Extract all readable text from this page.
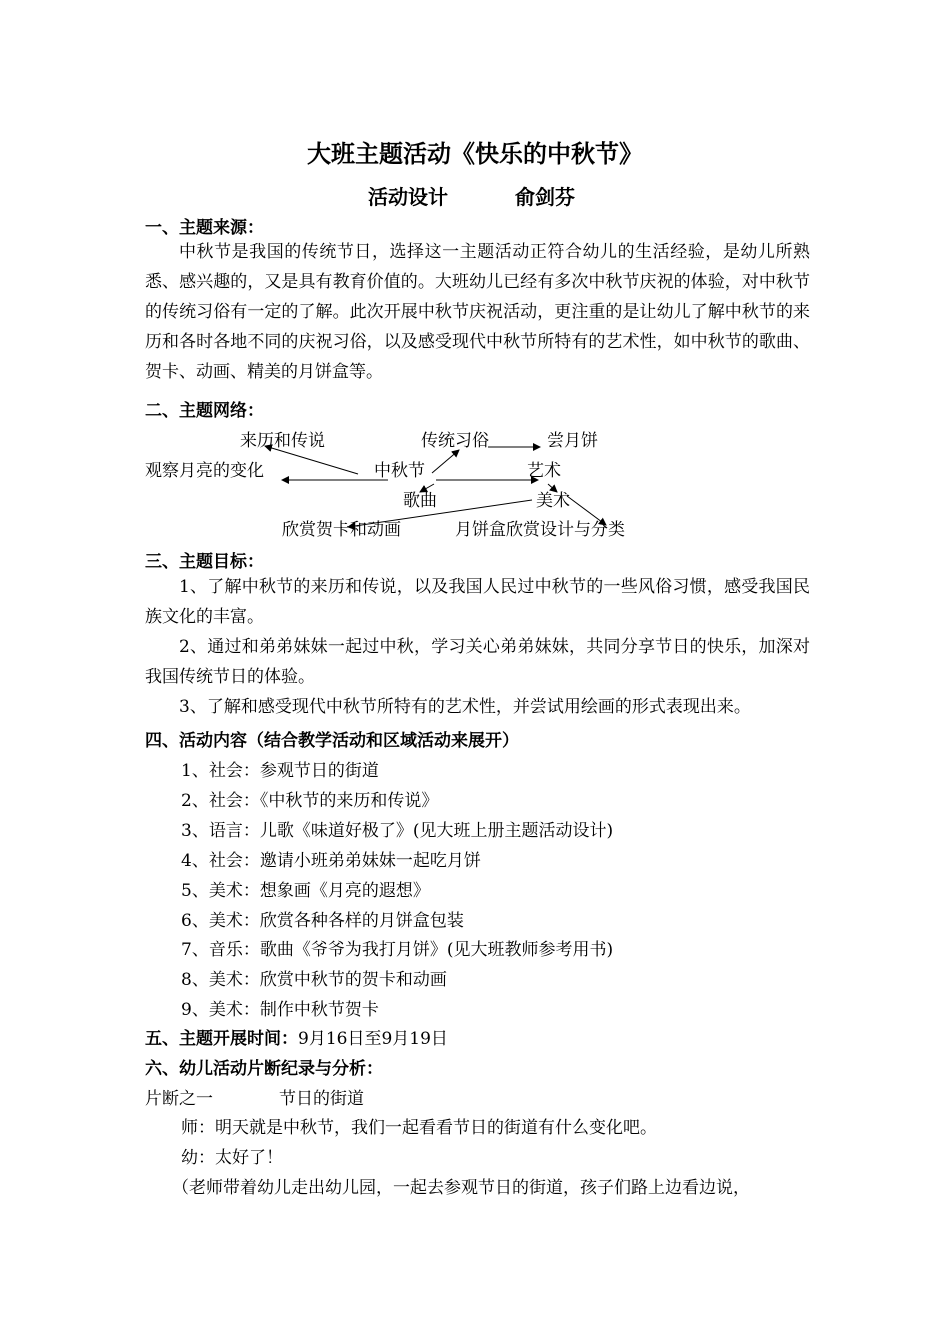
大班主题活动《快乐的中秋节》
活动设计	俞剑芬
一、主题来源：
中秋节是我国的传统节日，选择这一主题活动正符合幼儿的生活经验，是幼儿所熟悉、感兴趣的，又是具有教育价值的。大班幼儿已经有多次中秋节庆祝的体验，对中秋节的传统习俗有一定的了解。此次开展中秋节庆祝活动，更注重的是让幼儿了解中秋节的来历和各时各地不同的庆祝习俗，以及感受现代中秋节所特有的艺术性，如中秋节的歌曲、贺卡、动画、精美的月饼盒等。
二、主题网络：
来历和传说	传统习俗	尝月饼
观察月亮的变化	中秋节	艺术
歌曲	美术
欣赏贺卡和动画	月饼盒欣赏设计与分类
三、主题目标：
1、了解中秋节的来历和传说，以及我国人民过中秋节的一些风俗习惯，感受我国民族文化的丰富。
2、通过和弟弟妹妹一起过中秋，学习关心弟弟妹妹，共同分享节日的快乐，加深对我国传统节日的体验。
3、了解和感受现代中秋节所特有的艺术性，并尝试用绘画的形式表现出来。
四、活动内容（结合教学活动和区域活动来展开）
1、社会：参观节日的街道
2、社会：《中秋节的来历和传说》
3、语言：儿歌《味道好极了》(见大班上册主题活动设计)
4、社会：邀请小班弟弟妹妹一起吃月饼
5、美术：想象画《月亮的遐想》
6、美术：欣赏各种各样的月饼盒包装
7、音乐：歌曲《爷爷为我打月饼》(见大班教师参考用书)
8、美术：欣赏中秋节的贺卡和动画
9、美术：制作中秋节贺卡
五、主题开展时间：9月16日至9月19日
六、幼儿活动片断纪录与分析：
片断之一	节日的街道
师：明天就是中秋节，我们一起看看节日的街道有什么变化吧。
幼：太好了！
（老师带着幼儿走出幼儿园，一起去参观节日的街道，孩子们路上边看边说，
